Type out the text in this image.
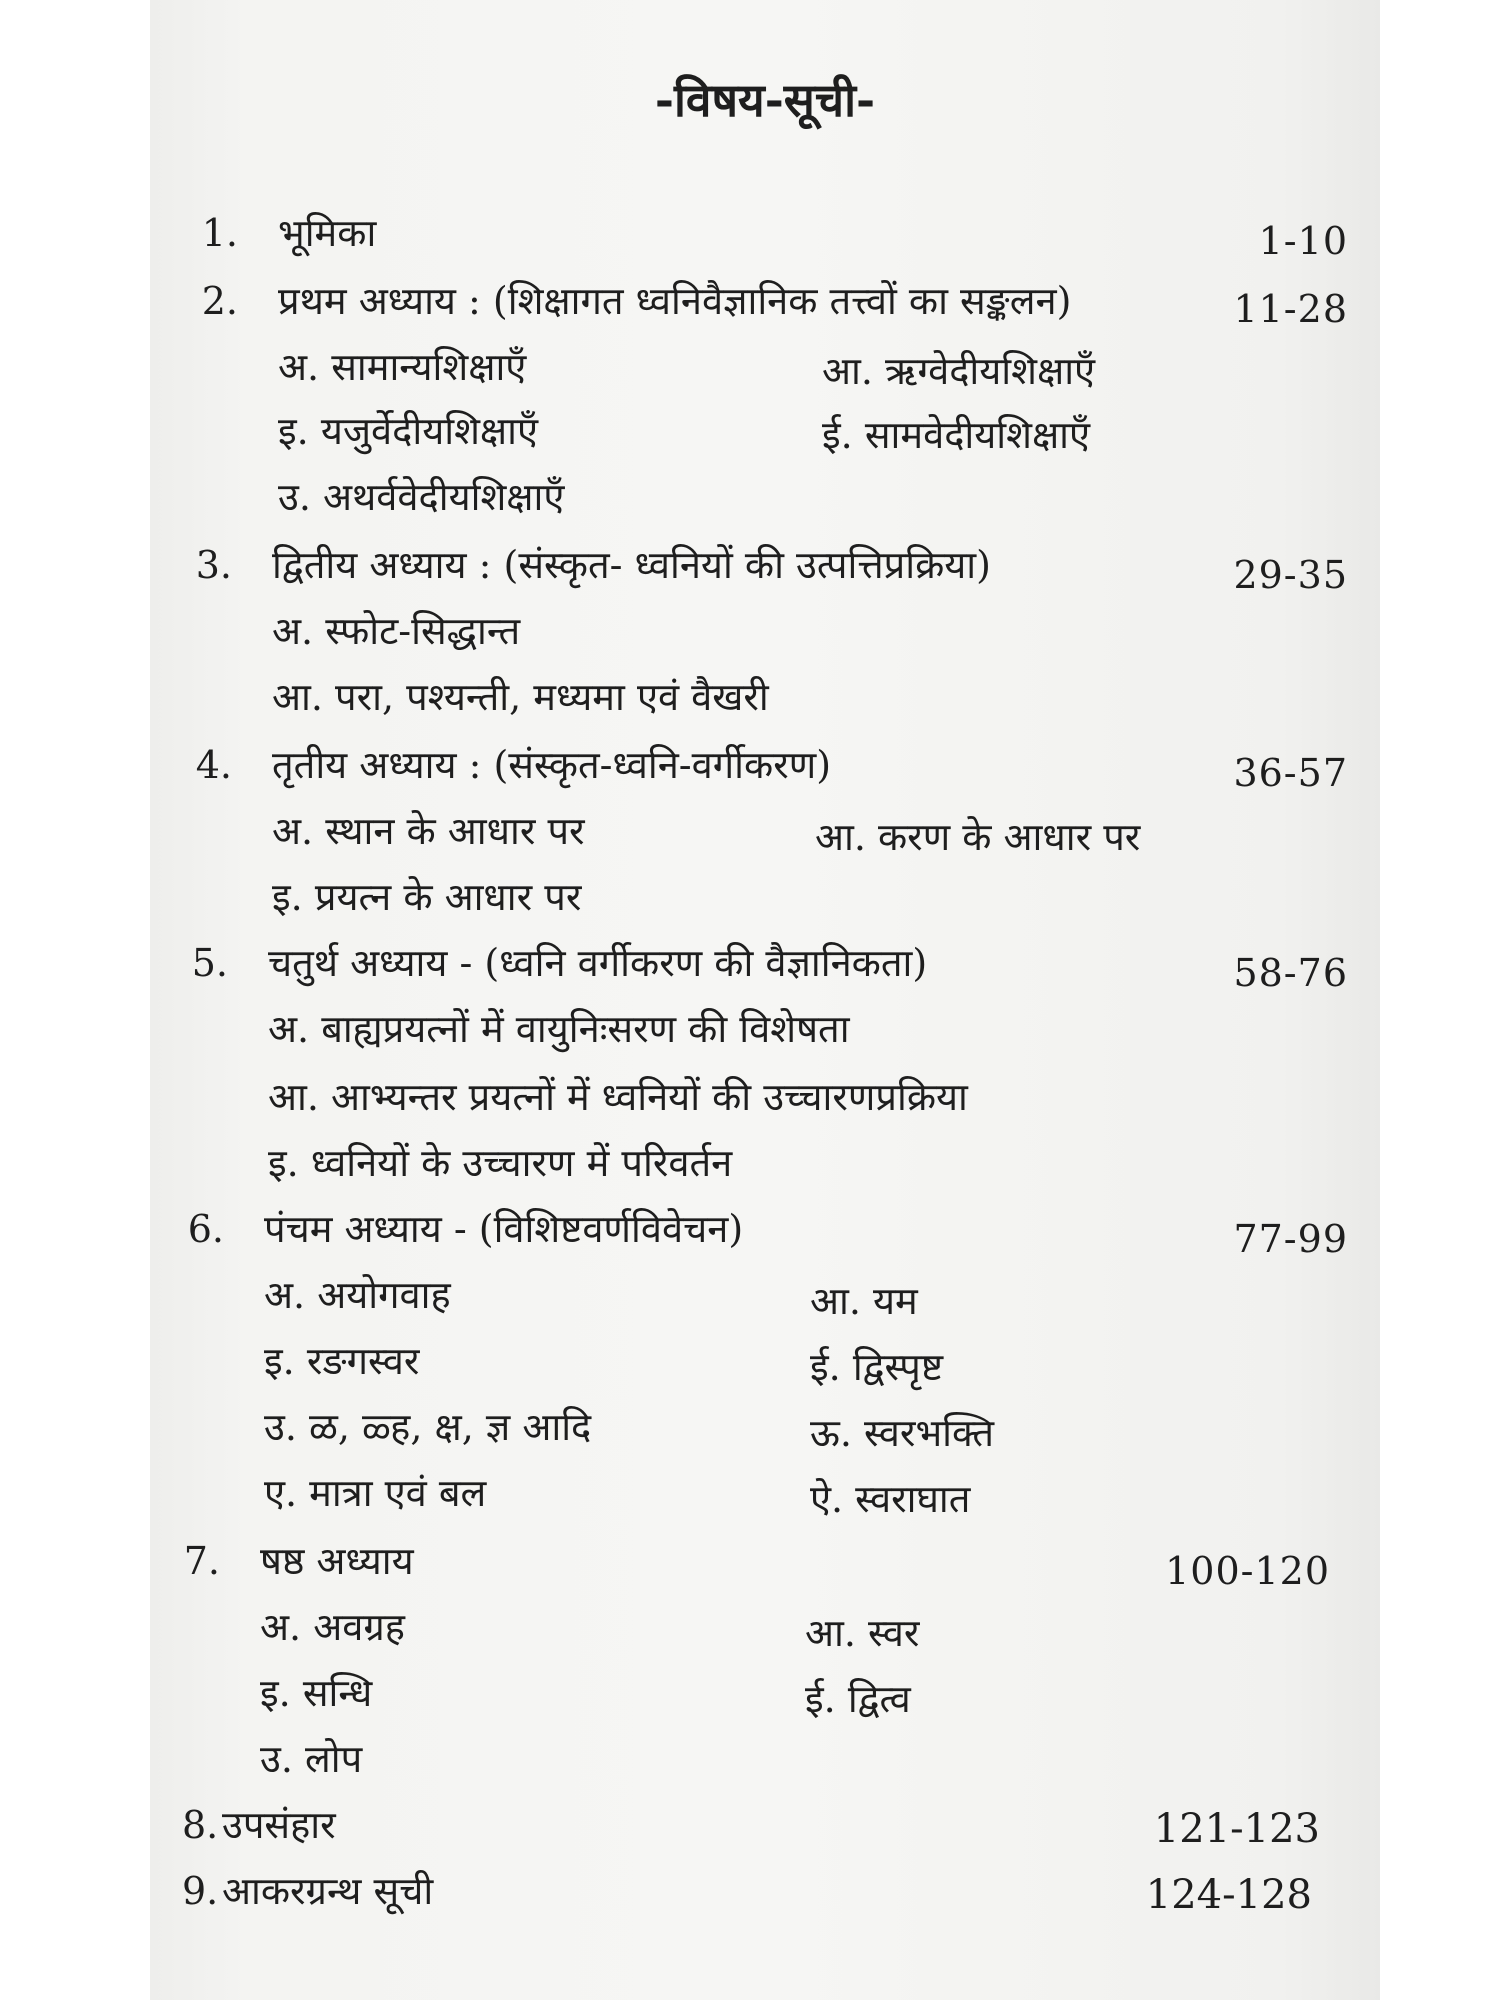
-विषय-सूची-
1. भूमिका	1-10
2. प्रथम अध्याय : (शिक्षागत ध्वनिवैज्ञानिक तत्त्वों का सङ्कलन)	11-28
अ. सामान्यशिक्षाएँ	आ. ऋग्वेदीयशिक्षाएँ
इ. यजुर्वेदीयशिक्षाएँ	ई. सामवेदीयशिक्षाएँ
उ. अथर्ववेदीयशिक्षाएँ
3. द्वितीय अध्याय : (संस्कृत- ध्वनियों की उत्पत्तिप्रक्रिया)	29-35
अ. स्फोट-सिद्धान्त
आ. परा, पश्यन्ती, मध्यमा एवं वैखरी
4. तृतीय अध्याय : (संस्कृत-ध्वनि-वर्गीकरण)	36-57
अ. स्थान के आधार पर	आ. करण के आधार पर
इ. प्रयत्न के आधार पर
5. चतुर्थ अध्याय - (ध्वनि वर्गीकरण की वैज्ञानिकता)	58-76
अ. बाह्यप्रयत्नों में वायुनिःसरण की विशेषता
आ. आभ्यन्तर प्रयत्नों में ध्वनियों की उच्चारणप्रक्रिया
इ. ध्वनियों के उच्चारण में परिवर्तन
6. पंचम अध्याय - (विशिष्टवर्णविवेचन)	77-99
अ. अयोगवाह	आ. यम
इ. रङगस्वर	ई. द्विस्पृष्ट
उ. ळ, ळ्ह, क्ष, ज्ञ आदि	ऊ. स्वरभक्ति
ए. मात्रा एवं बल	ऐ. स्वराघात
7. षष्ठ अध्याय	100-120
अ. अवग्रह	आ. स्वर
इ. सन्धि	ई. द्वित्व
उ. लोप
8. उपसंहार	121-123
9. आकरग्रन्थ सूची	124-128
